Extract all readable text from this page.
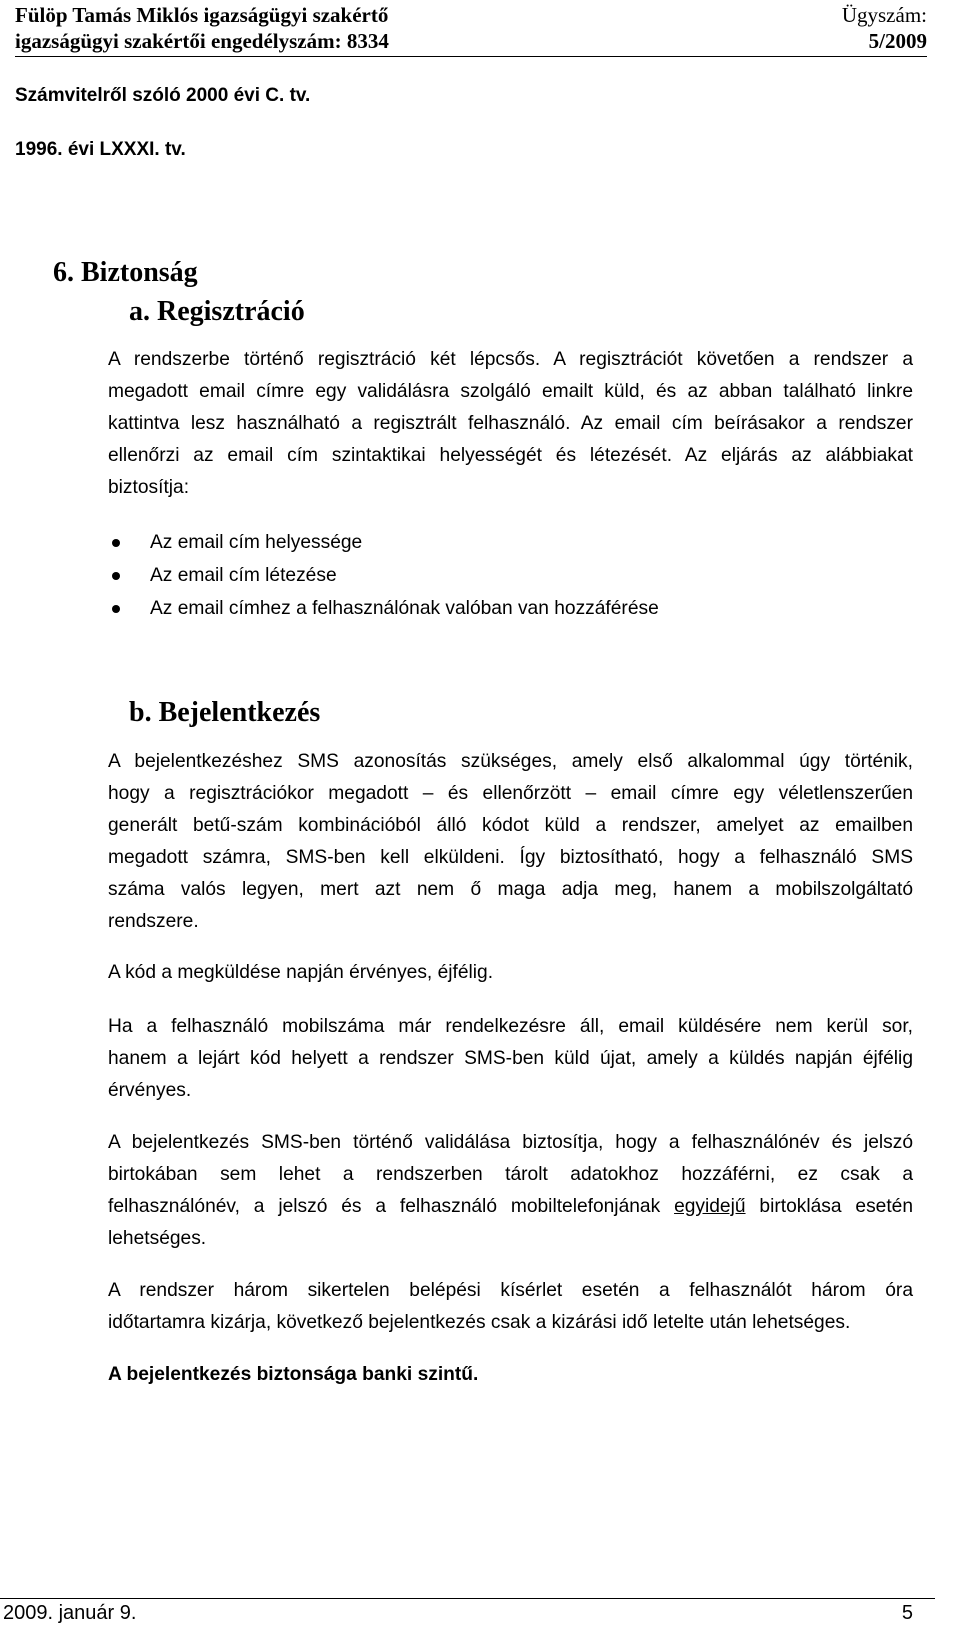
Fülöp Tamás Miklós igazságügyi szakértő
igazságügyi szakértői engedélyszám: 8334
Ügyszám:
5/2009
Számvitelről szóló 2000 évi C. tv.
1996. évi LXXXI. tv.
6. Biztonság
a. Regisztráció
A rendszerbe történő regisztráció két lépcsős. A regisztrációt követően a rendszer a
megadott email címre egy validálásra szolgáló emailt küld, és az abban található linkre
kattintva lesz használható a regisztrált felhasználó. Az email cím beírásakor a rendszer
ellenőrzi az email cím szintaktikai helyességét és létezését. Az eljárás az alábbiakat
biztosítja:
Az email cím helyessége
Az email cím létezése
Az email címhez a felhasználónak valóban van hozzáférése
b. Bejelentkezés
A bejelentkezéshez SMS azonosítás szükséges, amely első alkalommal úgy történik,
hogy a regisztrációkor megadott – és ellenőrzött – email címre egy véletlenszerűen
generált betű-szám kombinációból álló kódot küld a rendszer, amelyet az emailben
megadott számra, SMS-ben kell elküldeni. Így biztosítható, hogy a felhasználó SMS
száma valós legyen, mert azt nem ő maga adja meg, hanem a mobilszolgáltató
rendszere.
A kód a megküldése napján érvényes, éjfélig.
Ha a felhasználó mobilszáma már rendelkezésre áll, email küldésére nem kerül sor,
hanem a lejárt kód helyett a rendszer SMS-ben küld újat, amely a küldés napján éjfélig
érvényes.
A bejelentkezés SMS-ben történő validálása biztosítja, hogy a felhasználónév és jelszó
birtokában sem lehet a rendszerben tárolt adatokhoz hozzáférni, ez csak a
felhasználónév, a jelszó és a felhasználó mobiltelefonjának egyidejű birtoklása esetén
lehetséges.
A rendszer három sikertelen belépési kísérlet esetén a felhasználót három óra
időtartamra kizárja, következő bejelentkezés csak a kizárási idő letelte után lehetséges.
A bejelentkezés biztonsága banki szintű.
2009. január 9.	5
